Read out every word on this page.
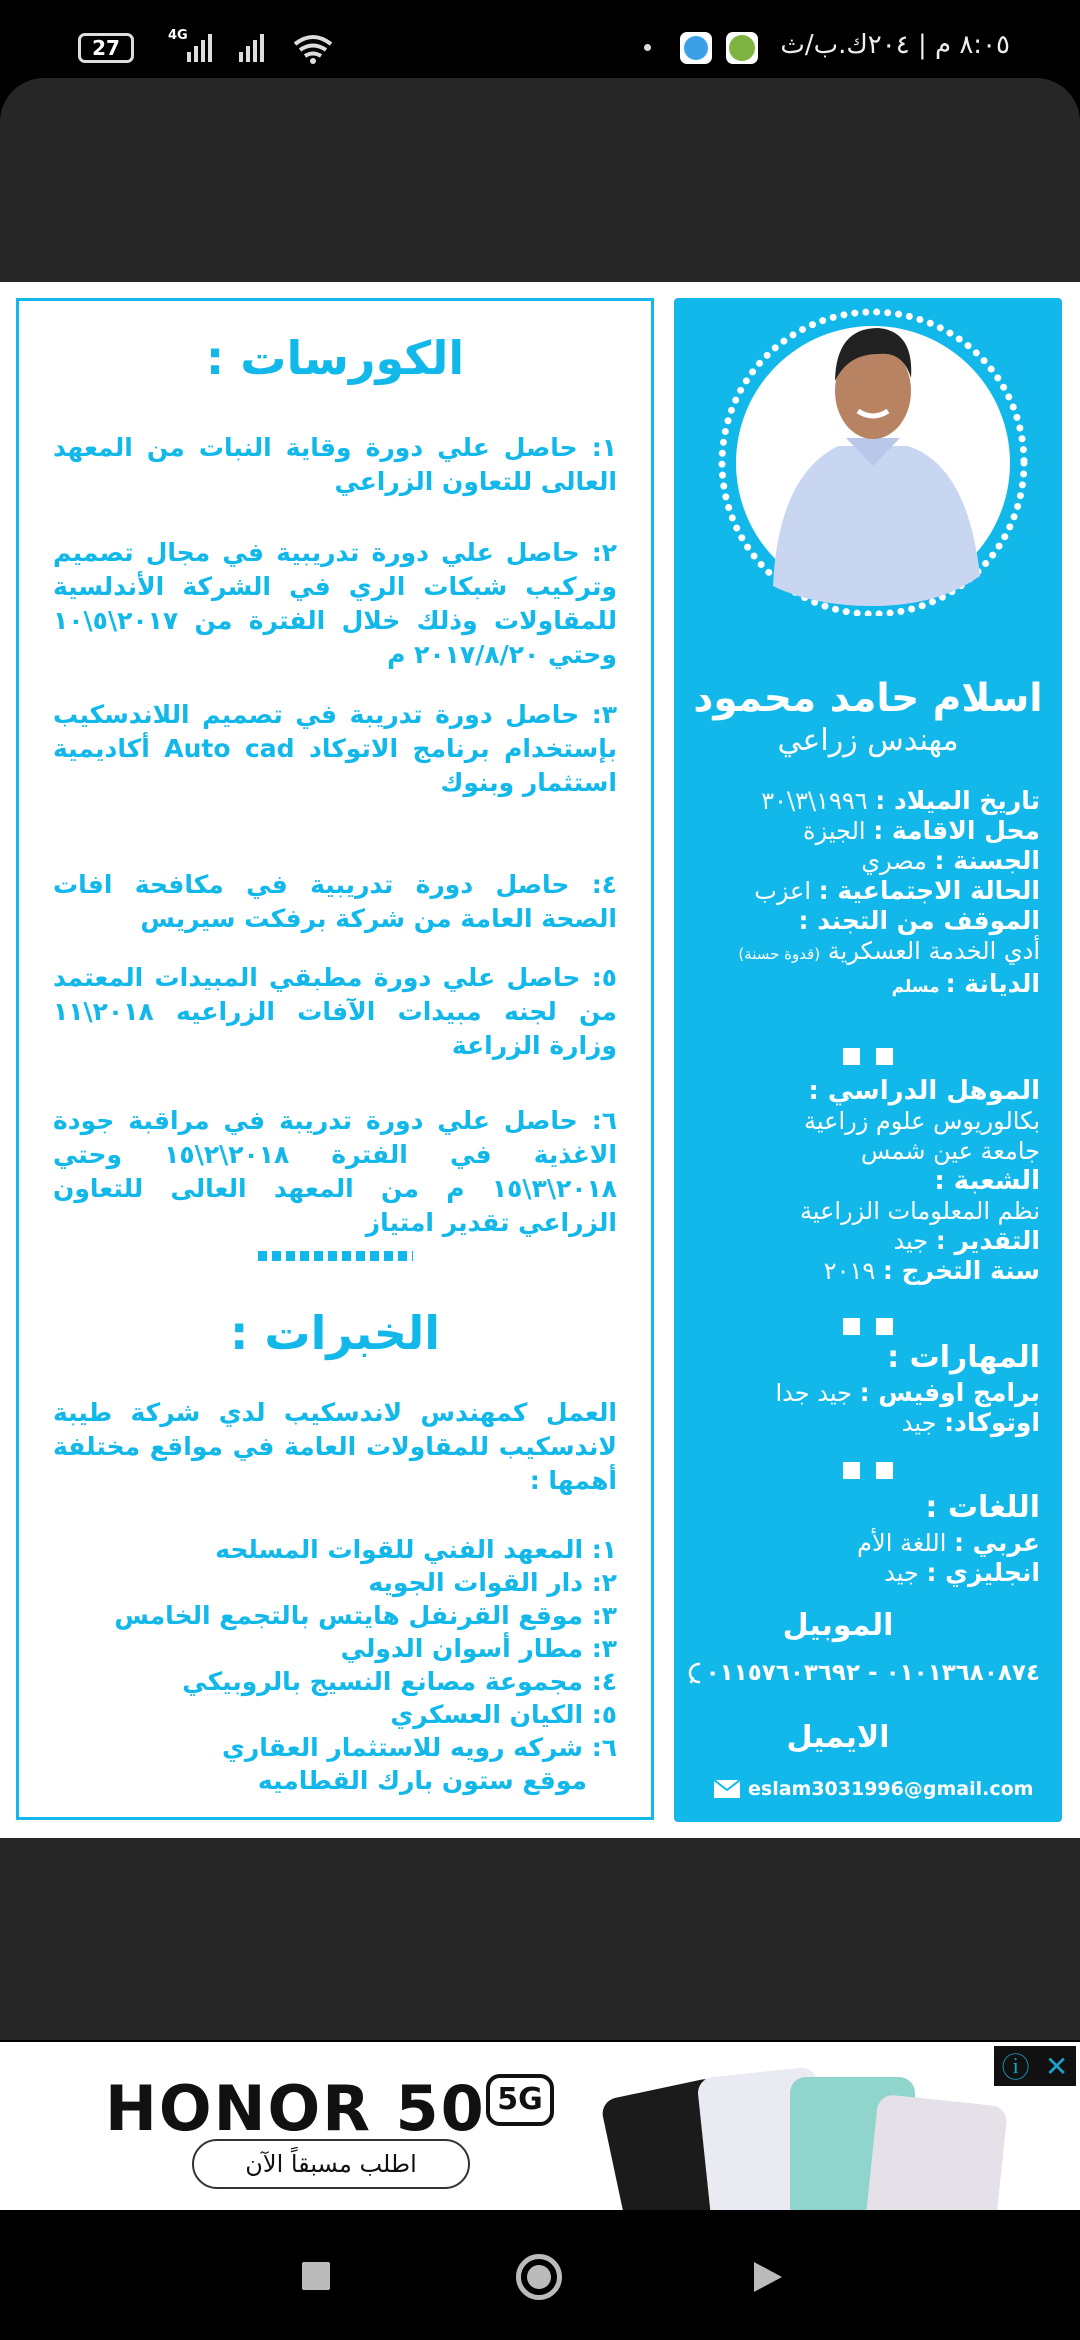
27
4G	٨:٠٥ م | ٢٠٤ك.ب/ث
الكورسات :
١: حاصل علي دورة وقاية النبات من المعهد العالى للتعاون الزراعي
٢: حاصل علي دورة تدريبية في مجال تصميم وتركيب شبكات الري في الشركة الأندلسية للمقاولات وذلك خلال الفترة من ٢٠١٧\٥\١٠ وحتي ٢٠١٧/٨/٢٠ م
٣: حاصل دورة تدريبة في تصميم اللاندسكيب بإستخدام برنامج الاتوكاد Auto cad أكاديمية استثمار وبنوك
٤: حاصل دورة تدريبية في مكافحة افات الصحة العامة من شركة برفكت سيريس
٥: حاصل علي دورة مطبقي المبيدات المعتمد من لجنه مبيدات الآفات الزراعيه ٢٠١٨\١١ وزارة الزراعة
٦: حاصل علي دورة تدريبة في مراقبة جودة الاغذية في الفترة ٢٠١٨\٢\١٥ وحتي ٢٠١٨\٣\١٥ م من المعهد العالى للتعاون الزراعي تقدير امتياز
الخبرات :
العمل كمهندس لاندسكيب لدي شركة طيبة لاندسكيب للمقاولات العامة في مواقع مختلفة أهمها :
١: المعهد الفني للقوات المسلحه
٢: دار القوات الجويه
٣: موقع القرنفل هايتس بالتجمع الخامس
٣: مطار أسوان الدولي
٤: مجموعة مصانع النسيج بالروبيكي
٥: الكيان العسكري
٦: شركه رويه للاستثمار العقاري
موقع ستون بارك القطاميه
اسلام حامد محمود
مهندس زراعي
تاريخ الميلاد : ١٩٩٦\٣\٣٠
محل الاقامة : الجيزة
الجسنة : مصري
الحالة الاجتماعية : اعزب
الموقف من التجند :
أدي الخدمة العسكرية (قدوة حسنة)
الديانة : مسلم
الموهل الدراسي :
بكالوريوس علوم زراعية
جامعة عين شمس
الشعبة :
نظم المعلومات الزراعية
التقدير : جيد
سنة التخرج : ٢٠١٩
المهارات :
برامج اوفيس : جيد جدا
اوتوكاد: جيد
اللغات :
عربي : اللغة الأم
انجليزي : جيد
الموبيل
٠١٠١٣٦٨٠٨٧٤ - ٠١١٥٧٦٠٣٦٩٢
الايميل
eslam3031996@gmail.com
HONOR 50 5G
اطلب مسبقاً الآن
ⓘ ✕
